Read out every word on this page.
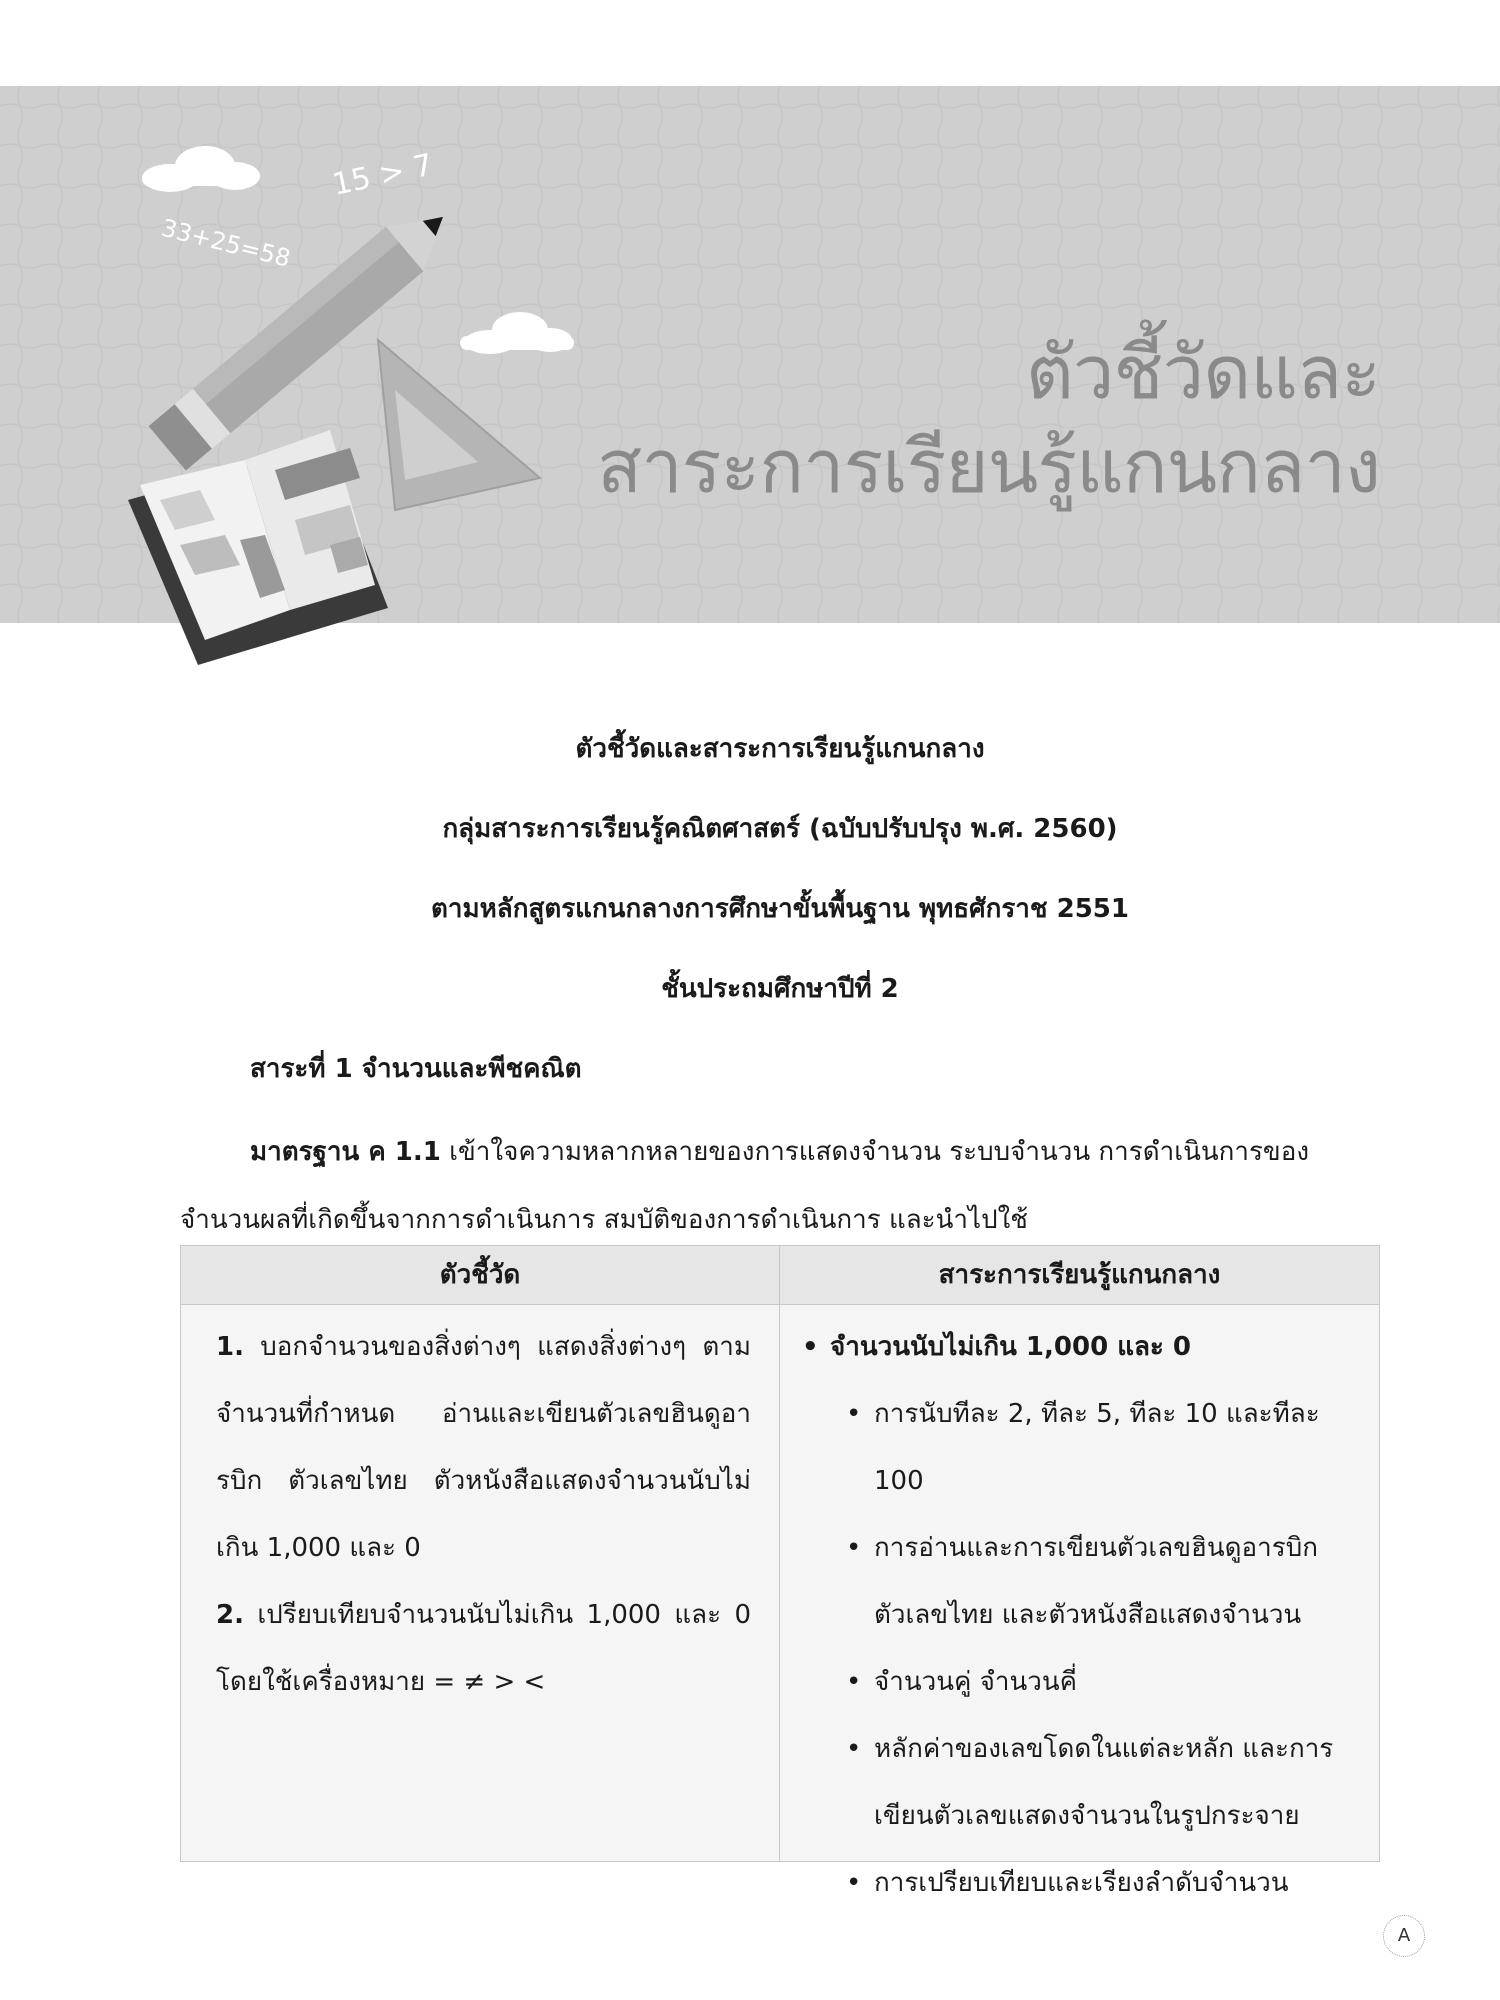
ตัวชี้วัดและ
สาระการเรียนรู้แกนกลาง
15 > 7
33+25=58
ตัวชี้วัดและสาระการเรียนรู้แกนกลาง
กลุ่มสาระการเรียนรู้คณิตศาสตร์ (ฉบับปรับปรุง พ.ศ. 2560)
ตามหลักสูตรแกนกลางการศึกษาขั้นพื้นฐาน พุทธศักราช 2551
ชั้นประถมศึกษาปีที่ 2
สาระที่ 1 จำนวนและพีชคณิต
มาตรฐาน ค 1.1 เข้าใจความหลากหลายของการแสดงจำนวน ระบบจำนวน การดำเนินการของจำนวนผลที่เกิดขึ้นจากการดำเนินการ สมบัติของการดำเนินการ และนำไปใช้
ตัวชี้วัด	สาระการเรียนรู้แกนกลาง
1. บอกจำนวนของสิ่งต่างๆ แสดงสิ่งต่างๆ ตามจำนวนที่กำหนด อ่านและเขียนตัวเลขฮินดูอารบิก ตัวเลขไทย ตัวหนังสือแสดงจำนวนนับไม่เกิน 1,000 และ 0
2. เปรียบเทียบจำนวนนับไม่เกิน 1,000 และ 0 โดยใช้เครื่องหมาย = ≠ > <
• จำนวนนับไม่เกิน 1,000 และ 0
• การนับทีละ 2, ทีละ 5, ทีละ 10 และทีละ 100
• การอ่านและการเขียนตัวเลขฮินดูอารบิก ตัวเลขไทย และตัวหนังสือแสดงจำนวน
• จำนวนคู่ จำนวนคี่
• หลักค่าของเลขโดดในแต่ละหลัก และการเขียนตัวเลขแสดงจำนวนในรูปกระจาย
• การเปรียบเทียบและเรียงลำดับจำนวน
A
